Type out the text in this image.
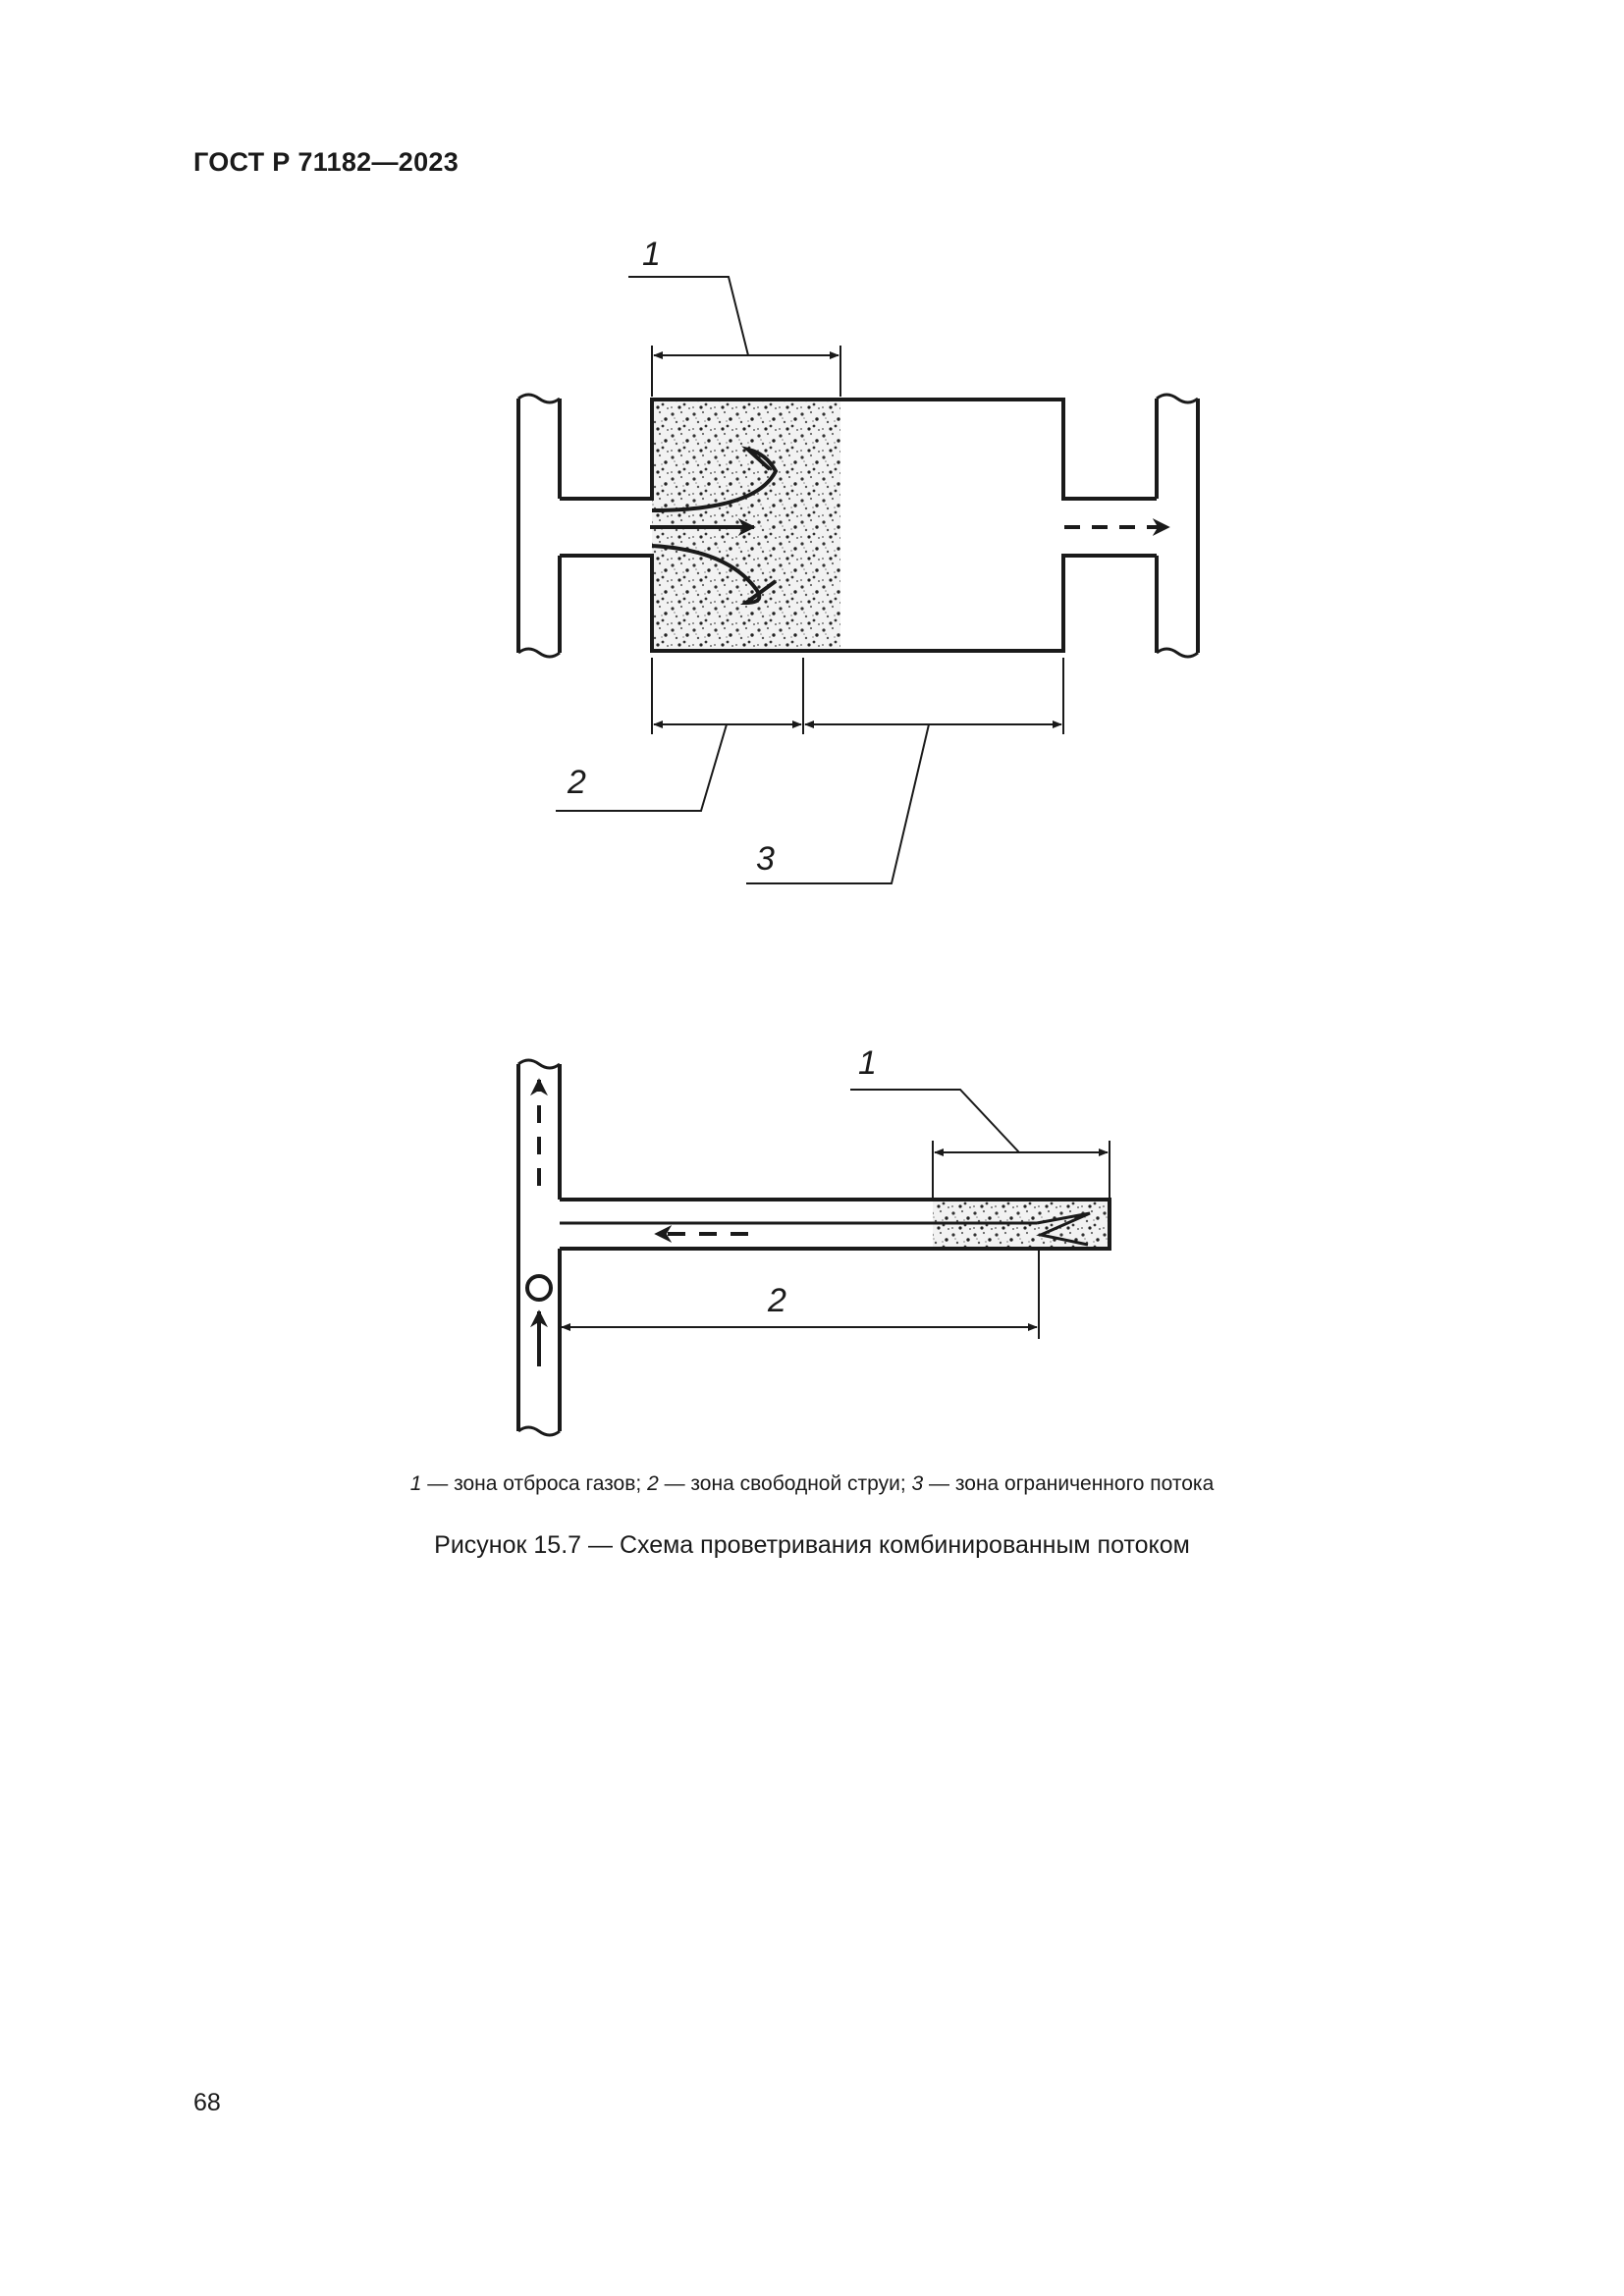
ГОСТ Р 71182—2023
1
2
3
1
2
1 — зона отброса газов; 2 — зона свободной струи; 3 — зона ограниченного потока
Рисунок 15.7 — Схема проветривания комбинированным потоком
68
